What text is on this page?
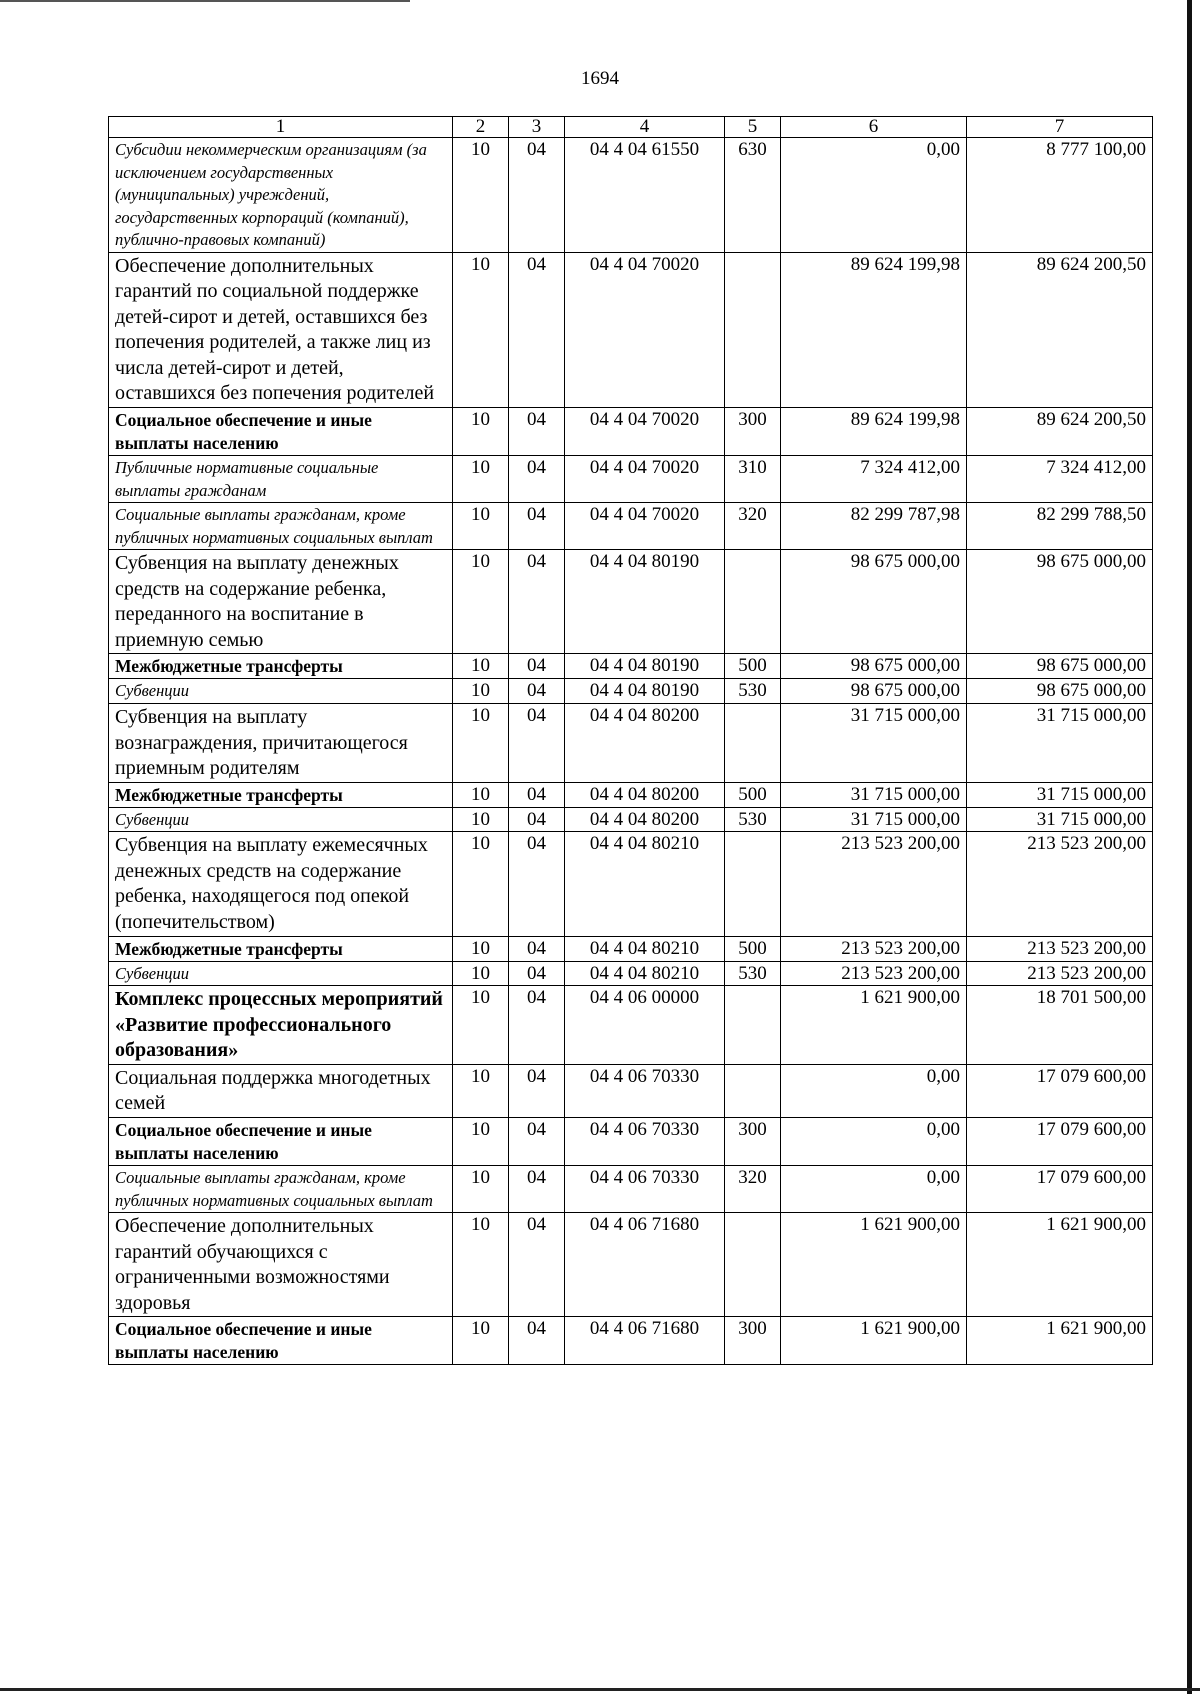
1694
1	2	3	4	5	6	7
Субсидии некоммерческим организациям (за исключением государственных (муниципальных) учреждений, государственных корпораций (компаний), публично-правовых компаний)	10	04	04 4 04 61550	630	0,00	8 777 100,00
Обеспечение дополнительных гарантий по социальной поддержке детей-сирот и детей, оставшихся без попечения родителей, а также лиц из числа детей-сирот и детей, оставшихся без попечения родителей	10	04	04 4 04 70020		89 624 199,98	89 624 200,50
Социальное обеспечение и иные выплаты населению	10	04	04 4 04 70020	300	89 624 199,98	89 624 200,50
Публичные нормативные социальные выплаты гражданам	10	04	04 4 04 70020	310	7 324 412,00	7 324 412,00
Социальные выплаты гражданам, кроме публичных нормативных социальных выплат	10	04	04 4 04 70020	320	82 299 787,98	82 299 788,50
Субвенция на выплату денежных средств на содержание ребенка, переданного на воспитание в приемную семью	10	04	04 4 04 80190		98 675 000,00	98 675 000,00
Межбюджетные трансферты	10	04	04 4 04 80190	500	98 675 000,00	98 675 000,00
Субвенции	10	04	04 4 04 80190	530	98 675 000,00	98 675 000,00
Субвенция на выплату вознаграждения, причитающегося приемным родителям	10	04	04 4 04 80200		31 715 000,00	31 715 000,00
Межбюджетные трансферты	10	04	04 4 04 80200	500	31 715 000,00	31 715 000,00
Субвенции	10	04	04 4 04 80200	530	31 715 000,00	31 715 000,00
Субвенция на выплату ежемесячных денежных средств на содержание ребенка, находящегося под опекой (попечительством)	10	04	04 4 04 80210		213 523 200,00	213 523 200,00
Межбюджетные трансферты	10	04	04 4 04 80210	500	213 523 200,00	213 523 200,00
Субвенции	10	04	04 4 04 80210	530	213 523 200,00	213 523 200,00
Комплекс процессных мероприятий «Развитие профессионального образования»	10	04	04 4 06 00000		1 621 900,00	18 701 500,00
Социальная поддержка многодетных семей	10	04	04 4 06 70330		0,00	17 079 600,00
Социальное обеспечение и иные выплаты населению	10	04	04 4 06 70330	300	0,00	17 079 600,00
Социальные выплаты гражданам, кроме публичных нормативных социальных выплат	10	04	04 4 06 70330	320	0,00	17 079 600,00
Обеспечение дополнительных гарантий обучающихся с ограниченными возможностями здоровья	10	04	04 4 06 71680		1 621 900,00	1 621 900,00
Социальное обеспечение и иные выплаты населению	10	04	04 4 06 71680	300	1 621 900,00	1 621 900,00
